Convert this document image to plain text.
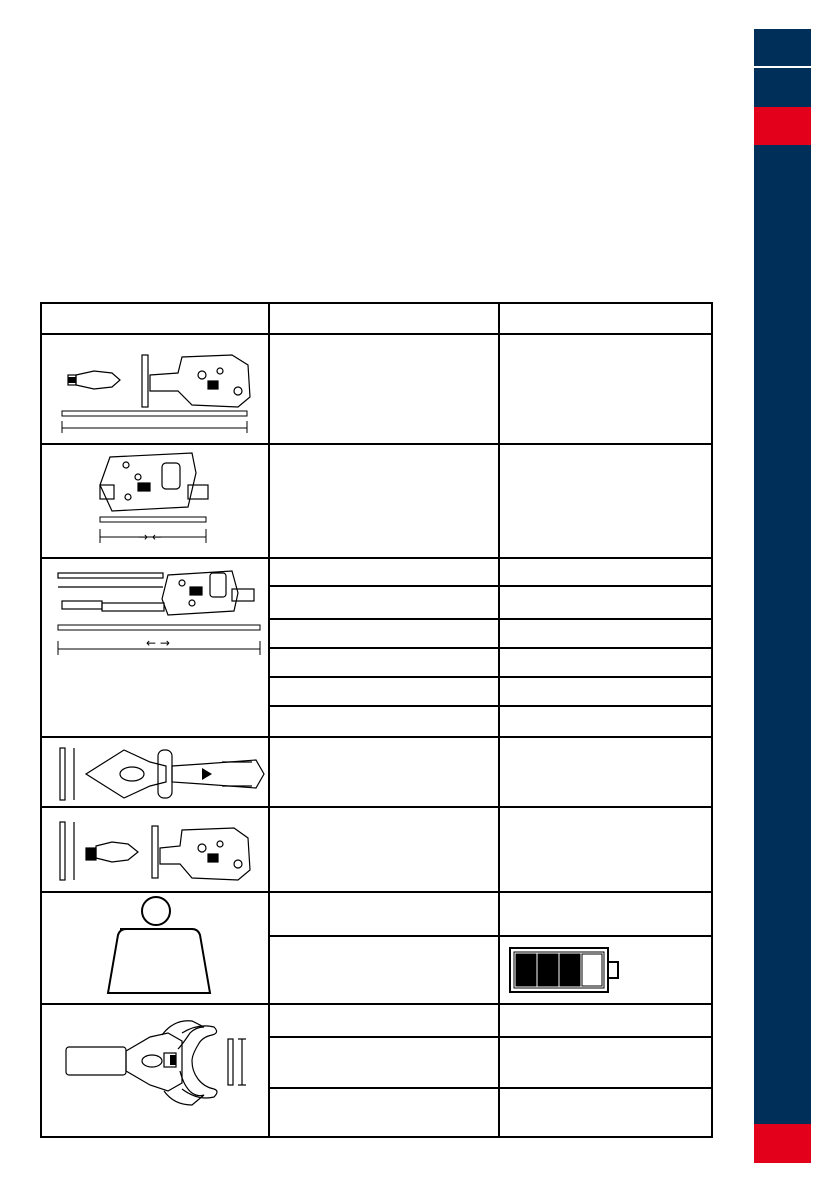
→ ←
← →
